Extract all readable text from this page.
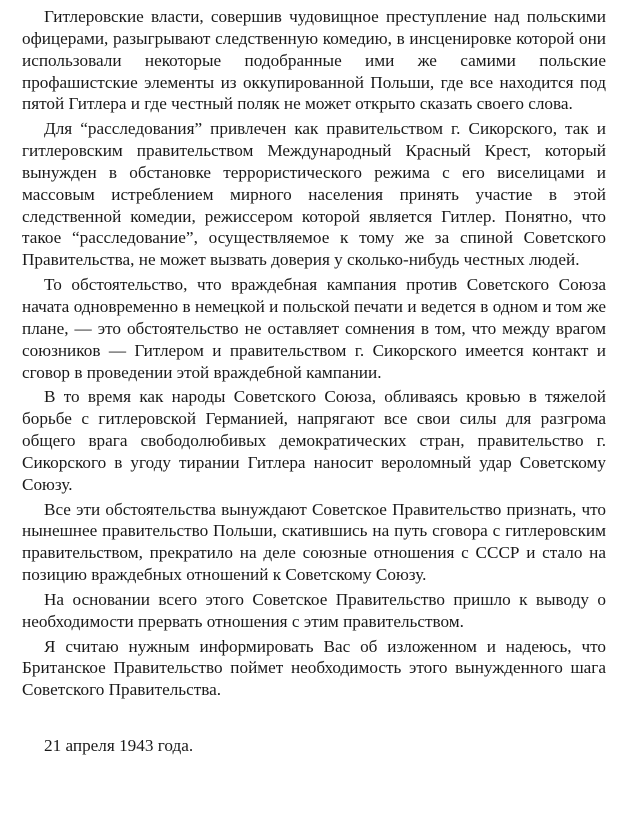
Гитлеровские власти, совершив чудовищное преступление над польскими офицерами, разыгрывают следственную комедию, в инсценировке которой они использовали некоторые подобранные ими же самими польские профашистские элементы из оккупированной Польши, где все находится под пятой Гитлера и где честный поляк не может открыто сказать своего слова.

Для “расследования” привлечен как правительством г. Сикорского, так и гитлеровским правительством Международный Красный Крест, который вынужден в обстановке террористического режима с его виселицами и массовым истреблением мирного населения принять участие в этой следственной комедии, режиссером которой является Гитлер. Понятно, что такое “расследование”, осуществляемое к тому же за спиной Советского Правительства, не может вызвать доверия у сколько-нибудь честных людей.

То обстоятельство, что враждебная кампания против Советского Союза начата одновременно в немецкой и польской печати и ведется в одном и том же плане, — это обстоятельство не оставляет сомнения в том, что между врагом союзников — Гитлером и правительством г. Сикорского имеется контакт и сговор в проведении этой враждебной кампании.

В то время как народы Советского Союза, обливаясь кровью в тяжелой борьбе с гитлеровской Германией, напрягают все свои силы для разгрома общего врага свободолюбивых демократических стран, правительство г. Сикорского в угоду тирании Гитлера наносит вероломный удар Советскому Союзу.

Все эти обстоятельства вынуждают Советское Правительство признать, что нынешнее правительство Польши, скатившись на путь сговора с гитлеровским правительством, прекратило на деле союзные отношения с СССР и стало на позицию враждебных отношений к Советскому Союзу.

На основании всего этого Советское Правительство пришло к выводу о необходимости прервать отношения с этим правительством.

Я считаю нужным информировать Вас об изложенном и надеюсь, что Британское Правительство поймет необходимость этого вынужденного шага Советского Правительства.

21 апреля 1943 года.
